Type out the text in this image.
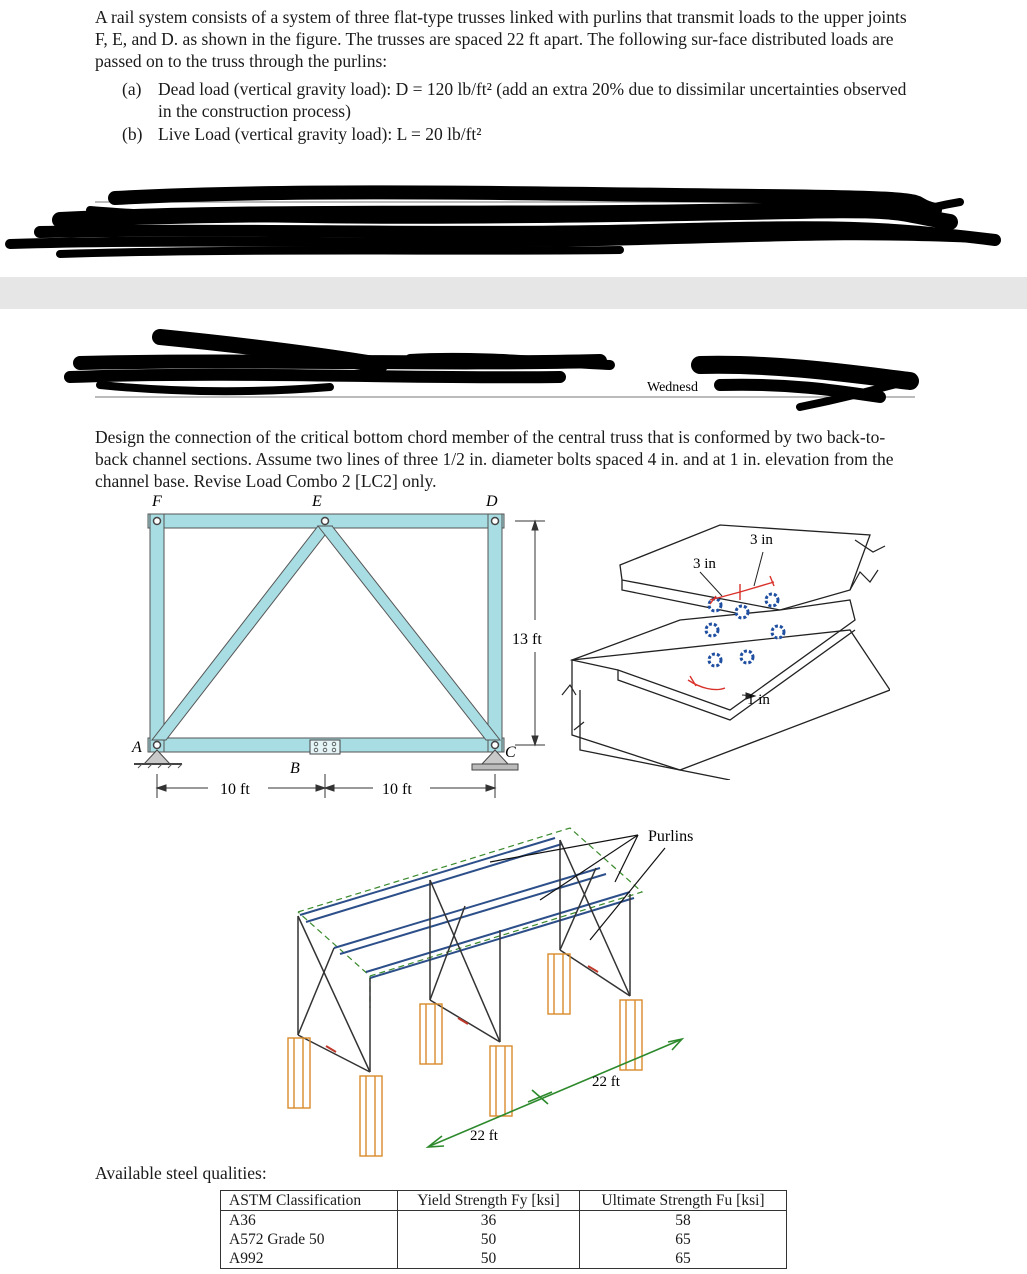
A rail system consists of a system of three flat-type trusses linked with purlins that transmit loads to the upper joints F, E, and D. as shown in the figure. The trusses are spaced 22 ft apart. The following sur-face distributed loads are passed on to the truss through the purlins:
(a) Dead load (vertical gravity load): D = 120 lb/ft² (add an extra 20% due to dissimilar uncertainties observed in the construction process)
(b) Live Load (vertical gravity load): L = 20 lb/ft²
Wednesd
Design the connection of the critical bottom chord member of the central truss that is conformed by two back-to-back channel sections. Assume two lines of three 1/2 in. diameter bolts spaced 4 in. and at 1 in. elevation from the channel base. Revise Load Combo 2 [LC2] only.
F	E	D
A
B
C
13 ft
10 ft	10 ft
3 in
3 in
1 in
Purlins
22 ft
22 ft
Available steel qualities:
ASTM Classification	Yield Strength Fy [ksi]	Ultimate Strength Fu [ksi]
A36	36	58
A572 Grade 50	50	65
A992	50	65
